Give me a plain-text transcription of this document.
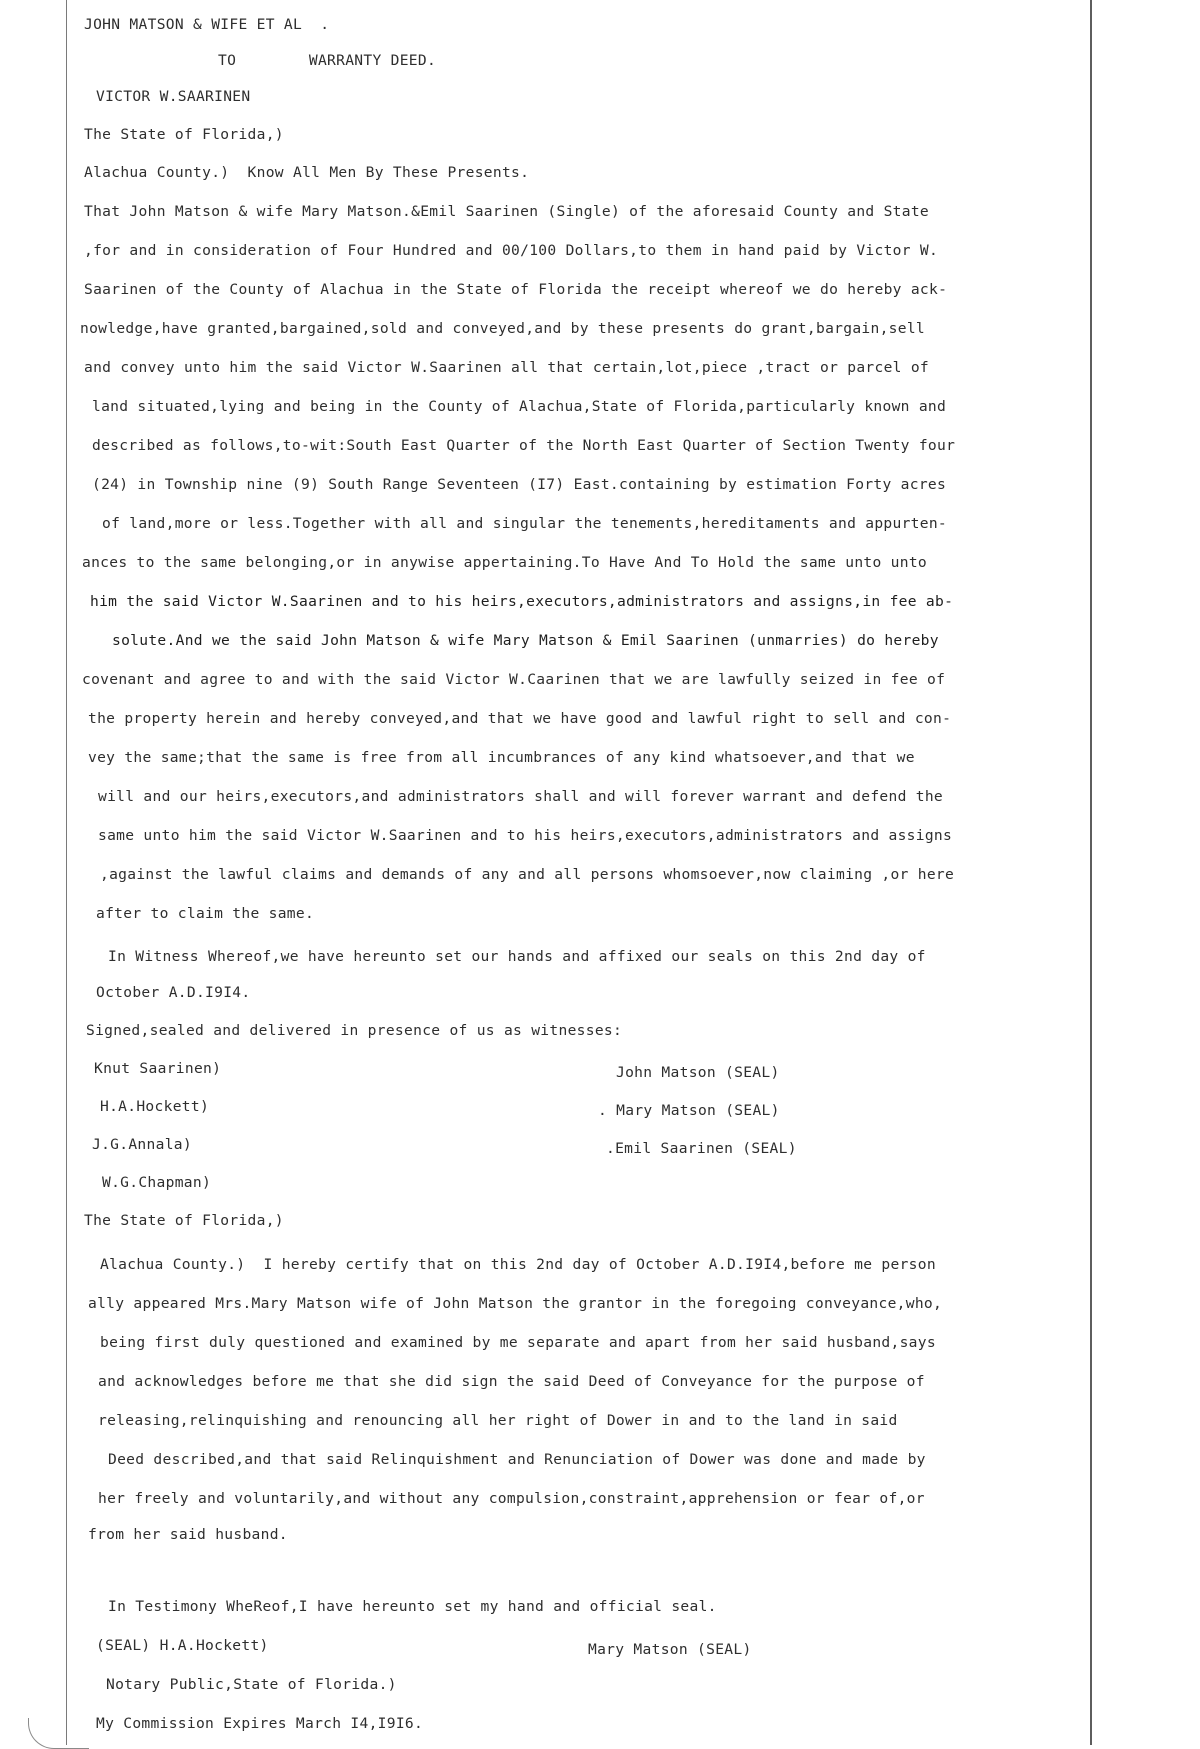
JOHN MATSON & WIFE ET AL  .
TO        WARRANTY DEED.
VICTOR W.SAARINEN
The State of Florida,)
Alachua County.)  Know All Men By These Presents.
That John Matson & wife Mary Matson.&Emil Saarinen (Single) of the aforesaid County and State
,for and in consideration of Four Hundred and 00/100 Dollars,to them in hand paid by Victor W.
Saarinen of the County of Alachua in the State of Florida the receipt whereof we do hereby ack-
nowledge,have granted,bargained,sold and conveyed,and by these presents do grant,bargain,sell
and convey unto him the said Victor W.Saarinen all that certain,lot,piece ,tract or parcel of
land situated,lying and being in the County of Alachua,State of Florida,particularly known and
described as follows,to-wit:South East Quarter of the North East Quarter of Section Twenty four
(24) in Township nine (9) South Range Seventeen (I7) East.containing by estimation Forty acres
of land,more or less.Together with all and singular the tenements,hereditaments and appurten-
ances to the same belonging,or in anywise appertaining.To Have And To Hold the same unto unto
him the said Victor W.Saarinen and to his heirs,executors,administrators and assigns,in fee ab-
solute.And we the said John Matson & wife Mary Matson & Emil Saarinen (unmarries) do hereby
covenant and agree to and with the said Victor W.Caarinen that we are lawfully seized in fee of
the property herein and hereby conveyed,and that we have good and lawful right to sell and con-
vey the same;that the same is free from all incumbrances of any kind whatsoever,and that we
will and our heirs,executors,and administrators shall and will forever warrant and defend the
same unto him the said Victor W.Saarinen and to his heirs,executors,administrators and assigns
,against the lawful claims and demands of any and all persons whomsoever,now claiming ,or here
after to claim the same.
In Witness Whereof,we have hereunto set our hands and affixed our seals on this 2nd day of
October A.D.I9I4.
Signed,sealed and delivered in presence of us as witnesses:
Knut Saarinen)
H.A.Hockett)
J.G.Annala)
W.G.Chapman)
John Matson (SEAL)
. Mary Matson (SEAL)
.Emil Saarinen (SEAL)
The State of Florida,)
Alachua County.)  I hereby certify that on this 2nd day of October A.D.I9I4,before me person
ally appeared Mrs.Mary Matson wife of John Matson the grantor in the foregoing conveyance,who,
being first duly questioned and examined by me separate and apart from her said husband,says
and acknowledges before me that she did sign the said Deed of Conveyance for the purpose of
releasing,relinquishing and renouncing all her right of Dower in and to the land in said
Deed described,and that said Relinquishment and Renunciation of Dower was done and made by
her freely and voluntarily,and without any compulsion,constraint,apprehension or fear of,or
from her said husband.
In Testimony WheReof,I have hereunto set my hand and official seal.
(SEAL) H.A.Hockett)	Mary Matson (SEAL)
Notary Public,State of Florida.)
My Commission Expires March I4,I9I6.
